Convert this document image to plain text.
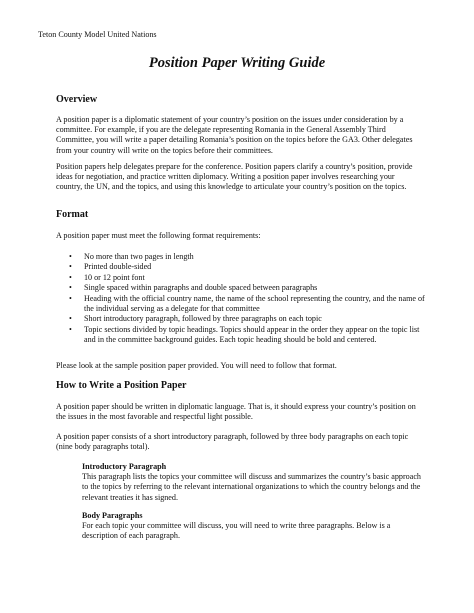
Teton County Model United Nations
Position Paper Writing Guide
Overview

A position paper is a diplomatic statement of your country’s position on the issues under consideration by a committee. For example, if you are the delegate representing Romania in the General Assembly Third Committee, you will write a paper detailing Romania’s position on the topics before the GA3. Other delegates from your country will write on the topics before their committees.

Position papers help delegates prepare for the conference. Position papers clarify a country’s position, provide ideas for negotiation, and practice written diplomacy. Writing a position paper involves researching your country, the UN, and the topics, and using this knowledge to articulate your country’s position on the topics.

Format

A position paper must meet the following format requirements:

• No more than two pages in length
• Printed double-sided
• 10 or 12 point font
• Single spaced within paragraphs and double spaced between paragraphs
• Heading with the official country name, the name of the school representing the country, and the name of the individual serving as a delegate for that committee
• Short introductory paragraph, followed by three paragraphs on each topic
• Topic sections divided by topic headings. Topics should appear in the order they appear on the topic list and in the committee background guides. Each topic heading should be bold and centered.

Please look at the sample position paper provided. You will need to follow that format.

How to Write a Position Paper

A position paper should be written in diplomatic language. That is, it should express your country’s position on the issues in the most favorable and respectful light possible.

A position paper consists of a short introductory paragraph, followed by three body paragraphs on each topic (nine body paragraphs total).

Introductory Paragraph
This paragraph lists the topics your committee will discuss and summarizes the country’s basic approach to the topics by referring to the relevant international organizations to which the country belongs and the relevant treaties it has signed.
Body Paragraphs
For each topic your committee will discuss, you will need to write three paragraphs. Below is a description of each paragraph.
